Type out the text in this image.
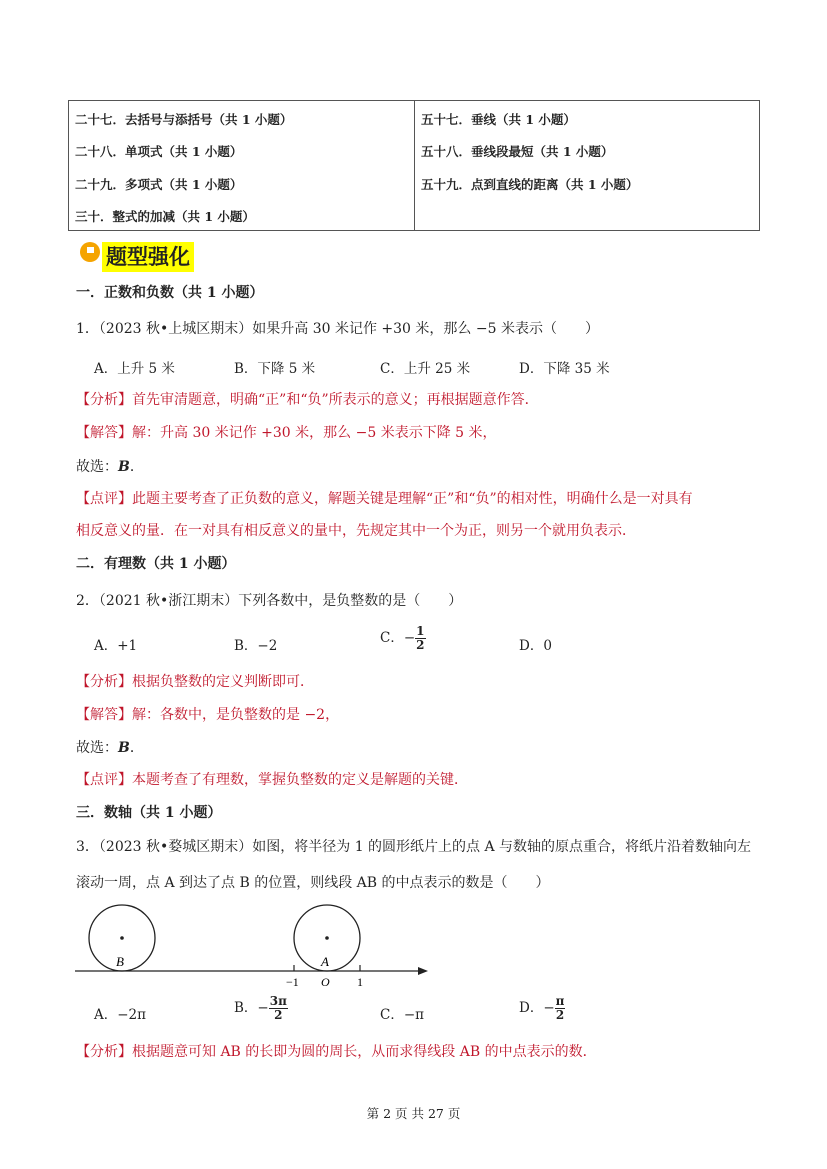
二十七．去括号与添括号（共 1 小题）
二十八．单项式（共 1 小题）
二十九．多项式（共 1 小题）
三十．整式的加减（共 1 小题）
五十七．垂线（共 1 小题）
五十八．垂线段最短（共 1 小题）
五十九．点到直线的距离（共 1 小题）
题型强化
一．正数和负数（共 1 小题）
1．（2023 秋•上城区期末）如果升高 30 米记作 +30 米，那么 −5 米表示（　　）
A．上升 5 米	B．下降 5 米	C．上升 25 米	D．下降 35 米
【分析】首先审清题意，明确“正”和“负”所表示的意义；再根据题意作答．
【解答】解：升高 30 米记作 +30 米，那么 −5 米表示下降 5 米，
故选：B．
【点评】此题主要考查了正负数的意义，解题关键是理解“正”和“负”的相对性，明确什么是一对具有
相反意义的量．在一对具有相反意义的量中，先规定其中一个为正，则另一个就用负表示．
二．有理数（共 1 小题）
2．（2021 秋•浙江期末）下列各数中，是负整数的是（　　）
A．+1	B．−2	C．− $\frac{1}{2}$	D．0
【分析】根据负整数的定义判断即可．
【解答】解：各数中，是负整数的是 −2，
故选：B．
【点评】本题考查了有理数，掌握负整数的定义是解题的关键．
三．数轴（共 1 小题）
3．（2023 秋•婺城区期末）如图，将半径为 1 的圆形纸片上的点 A 与数轴的原点重合，将纸片沿着数轴向左
滚动一周，点 A 到达了点 B 的位置，则线段 AB 的中点表示的数是（　　）
B	A
−1 O 1
A．−2π	B．− $\frac{3\pi}{2}$	C．−π	D．− $\frac{\pi}{2}$
【分析】根据题意可知 AB 的长即为圆的周长，从而求得线段 AB 的中点表示的数．
第 2 页 共 27 页
